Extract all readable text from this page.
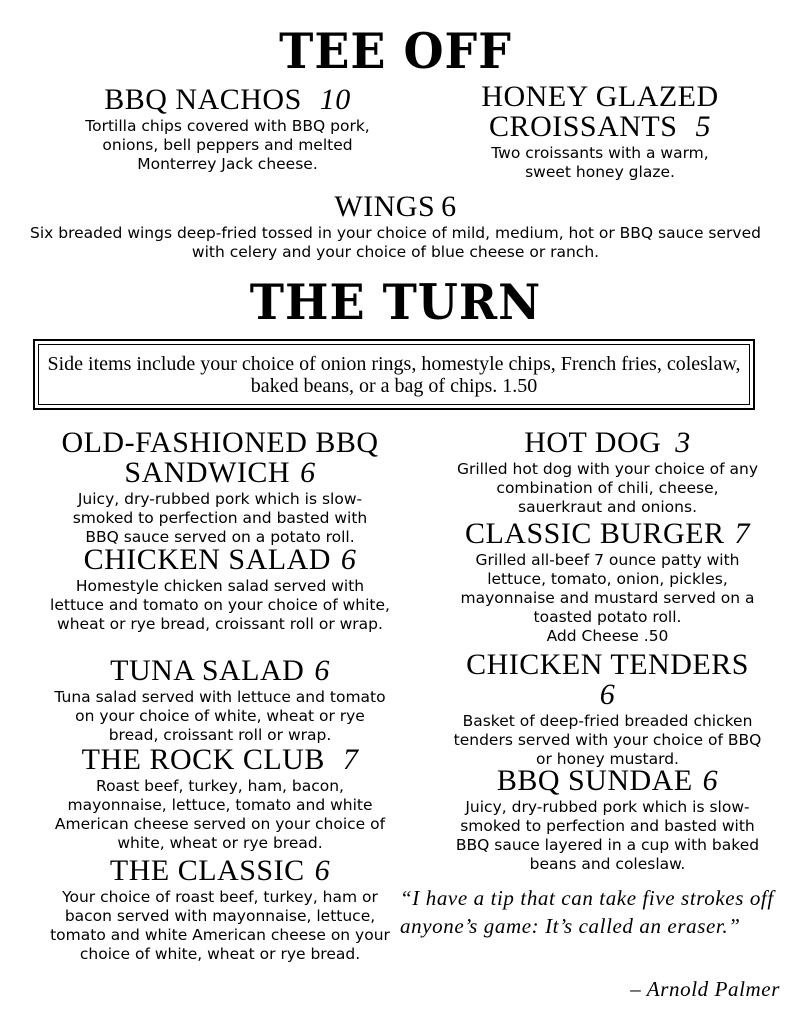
TEE OFF
BBQ NACHOS 10
Tortilla chips covered with BBQ pork, onions, bell peppers and melted Monterrey Jack cheese.
HONEY GLAZED
CROISSANTS 5
Two croissants with a warm, sweet honey glaze.
WINGS 6
Six breaded wings deep-fried tossed in your choice of mild, medium, hot or BBQ sauce served with celery and your choice of blue cheese or ranch.
THE TURN
Side items include your choice of onion rings, homestyle chips, French fries, coleslaw, baked beans, or a bag of chips. 1.50
OLD-FASHIONED BBQ
SANDWICH 6
Juicy, dry-rubbed pork which is slow-smoked to perfection and basted with BBQ sauce served on a potato roll.
CHICKEN SALAD 6
Homestyle chicken salad served with lettuce and tomato on your choice of white, wheat or rye bread, croissant roll or wrap.
TUNA SALAD 6
Tuna salad served with lettuce and tomato on your choice of white, wheat or rye bread, croissant roll or wrap.
THE ROCK CLUB 7
Roast beef, turkey, ham, bacon, mayonnaise, lettuce, tomato and white American cheese served on your choice of white, wheat or rye bread.
THE CLASSIC 6
Your choice of roast beef, turkey, ham or bacon served with mayonnaise, lettuce, tomato and white American cheese on your choice of white, wheat or rye bread.
HOT DOG 3
Grilled hot dog with your choice of any combination of chili, cheese, sauerkraut and onions.
CLASSIC BURGER 7
Grilled all-beef 7 ounce patty with lettuce, tomato, onion, pickles, mayonnaise and mustard served on a toasted potato roll.
Add Cheese .50
CHICKEN TENDERS
6
Basket of deep-fried breaded chicken tenders served with your choice of BBQ or honey mustard.
BBQ SUNDAE 6
Juicy, dry-rubbed pork which is slow-smoked to perfection and basted with BBQ sauce layered in a cup with baked beans and coleslaw.
“I have a tip that can take five strokes off anyone’s game: It’s called an eraser.”
– Arnold Palmer
